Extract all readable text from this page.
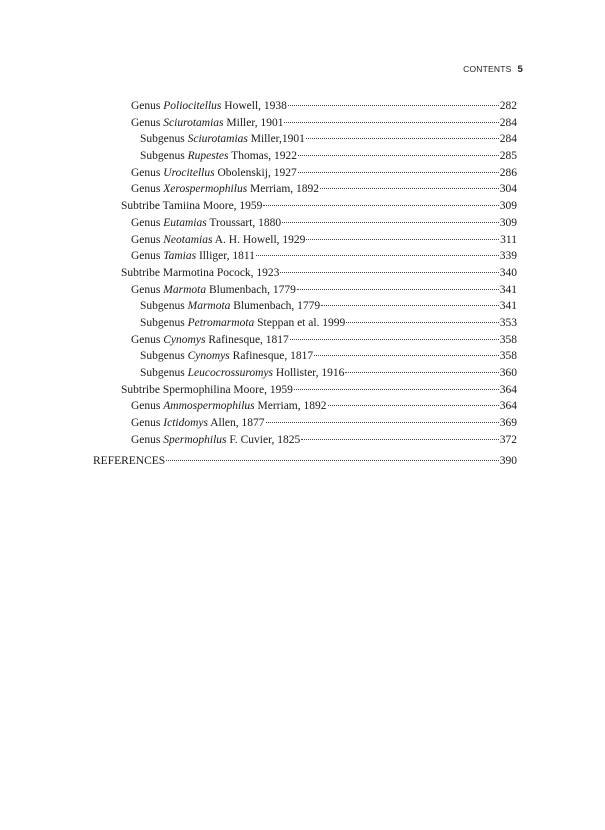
CONTENTS 5
Genus Poliocitellus Howell, 1938	282
Genus Sciurotamias Miller, 1901	284
Subgenus Sciurotamias Miller,1901	284
Subgenus Rupestes Thomas, 1922	285
Genus Urocitellus Obolenskij, 1927	286
Genus Xerospermophilus Merriam, 1892	304
Subtribe Tamiina Moore, 1959	309
Genus Eutamias Troussart, 1880	309
Genus Neotamias A. H. Howell, 1929	311
Genus Tamias Illiger, 1811	339
Subtribe Marmotina Pocock, 1923	340
Genus Marmota Blumenbach, 1779	341
Subgenus Marmota Blumenbach, 1779	341
Subgenus Petromarmota Steppan et al. 1999	353
Genus Cynomys Rafinesque, 1817	358
Subgenus Cynomys Rafinesque, 1817	358
Subgenus Leucocrossuromys Hollister, 1916	360
Subtribe Spermophilina Moore, 1959	364
Genus Ammospermophilus Merriam, 1892	364
Genus Ictidomys Allen, 1877	369
Genus Spermophilus F. Cuvier, 1825	372
REFERENCES	390
